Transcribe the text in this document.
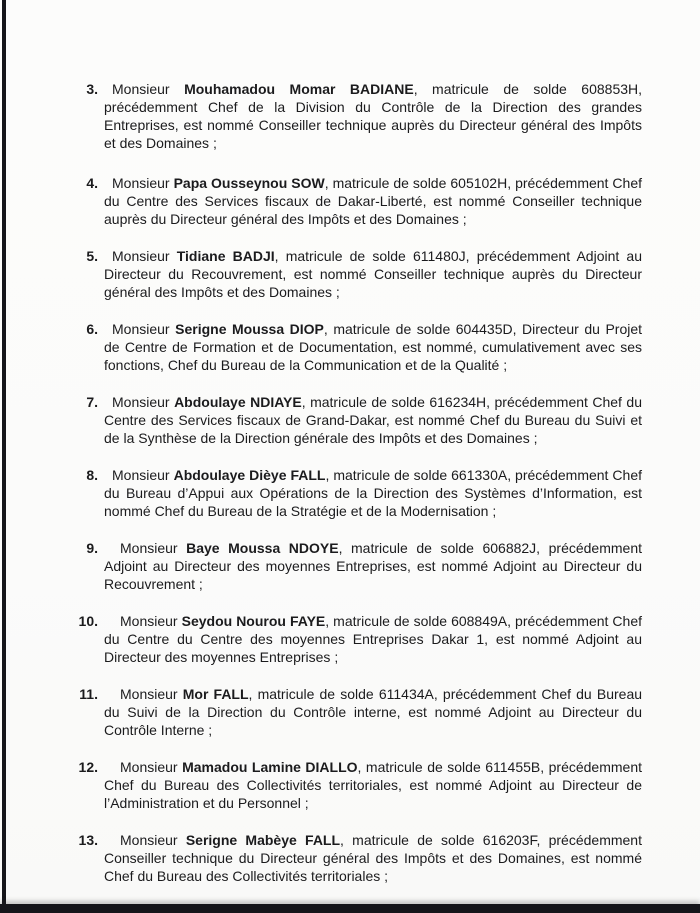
3.	Monsieur Mouhamadou Momar BADIANE, matricule de solde 608853H, précédemment Chef de la Division du Contrôle de la Direction des grandes Entreprises, est nommé Conseiller technique auprès du Directeur général des Impôts et des Domaines ;

4.	Monsieur Papa Ousseynou SOW, matricule de solde 605102H, précédemment Chef du Centre des Services fiscaux de Dakar-Liberté, est nommé Conseiller technique auprès du Directeur général des Impôts et des Domaines ;

5.	Monsieur Tidiane BADJI, matricule de solde 611480J, précédemment Adjoint au Directeur du Recouvrement, est nommé Conseiller technique auprès du Directeur général des Impôts et des Domaines ;

6.	Monsieur Serigne Moussa DIOP, matricule de solde 604435D, Directeur du Projet de Centre de Formation et de Documentation, est nommé, cumulativement avec ses fonctions, Chef du Bureau de la Communication et de la Qualité ;

7.	Monsieur Abdoulaye NDIAYE, matricule de solde 616234H, précédemment Chef du Centre des Services fiscaux de Grand-Dakar, est nommé Chef du Bureau du Suivi et de la Synthèse de la Direction générale des Impôts et des Domaines ;

8.	Monsieur Abdoulaye Dièye FALL, matricule de solde 661330A, précédemment Chef du Bureau d’Appui aux Opérations de la Direction des Systèmes d’Information, est nommé Chef du Bureau de la Stratégie et de la Modernisation ;

9.	Monsieur Baye Moussa NDOYE, matricule de solde 606882J, précédemment Adjoint au Directeur des moyennes Entreprises, est nommé Adjoint au Directeur du Recouvrement ;

10.	Monsieur Seydou Nourou FAYE, matricule de solde 608849A, précédemment Chef du Centre du Centre des moyennes Entreprises Dakar 1, est nommé Adjoint au Directeur des moyennes Entreprises ;

11.	Monsieur Mor FALL, matricule de solde 611434A, précédemment Chef du Bureau du Suivi de la Direction du Contrôle interne, est nommé Adjoint au Directeur du Contrôle Interne ;

12.	Monsieur Mamadou Lamine DIALLO, matricule de solde 611455B, précédemment Chef du Bureau des Collectivités territoriales, est nommé Adjoint au Directeur de l’Administration et du Personnel ;

13.	Monsieur Serigne Mabèye FALL, matricule de solde 616203F, précédemment Conseiller technique du Directeur général des Impôts et des Domaines, est nommé Chef du Bureau des Collectivités territoriales ;
